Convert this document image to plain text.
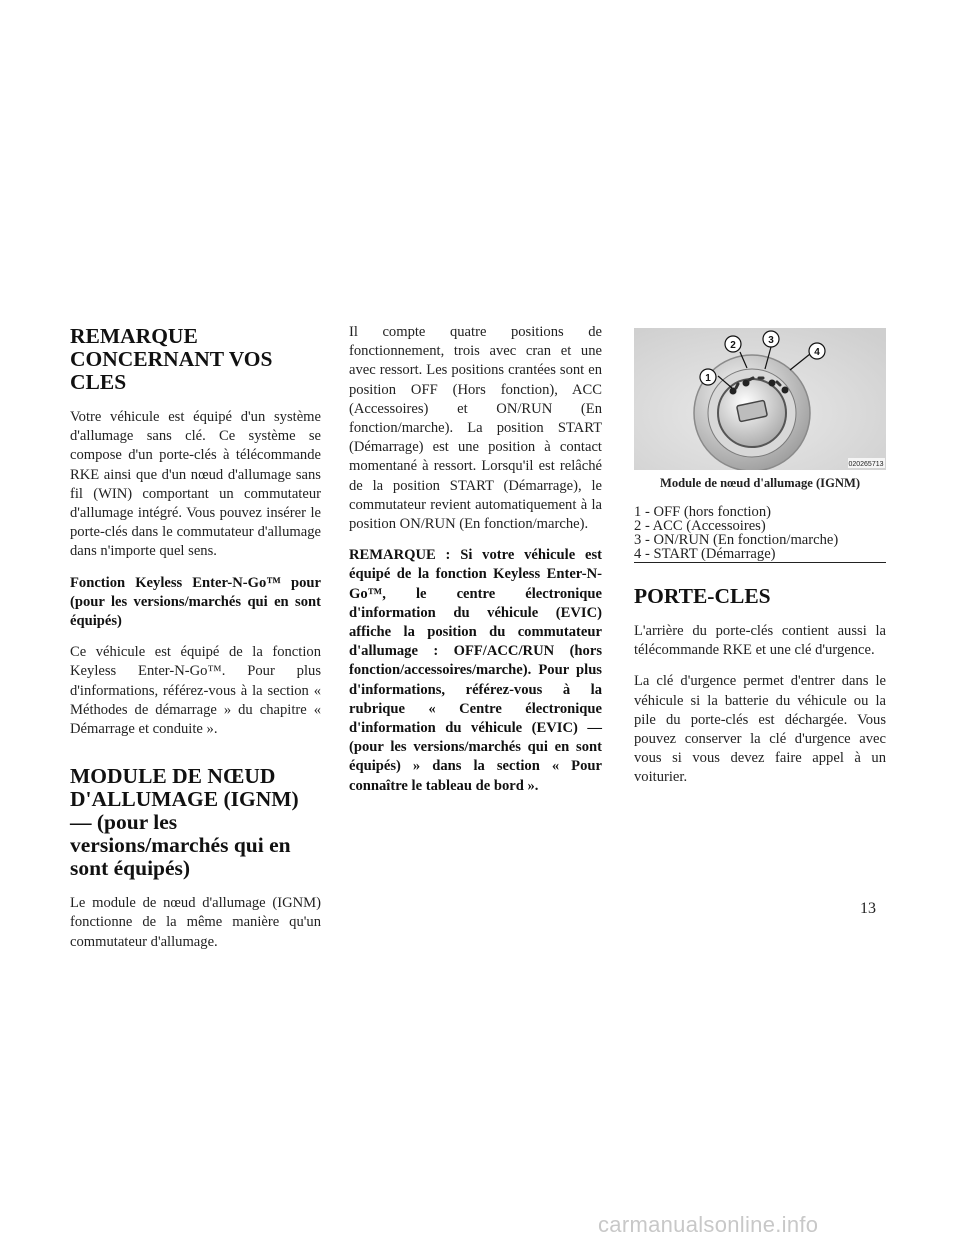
REMARQUE CONCERNANT VOS CLES

Votre véhicule est équipé d'un système d'allumage sans clé. Ce système se compose d'un porte-clés à télécommande RKE ainsi que d'un nœud d'allumage sans fil (WIN) comportant un commutateur d'allumage intégré. Vous pouvez insérer le porte-clés dans le commutateur d'allumage dans n'importe quel sens.

Fonction Keyless Enter-N-Go™ pour (pour les versions/marchés qui en sont équipés)

Ce véhicule est équipé de la fonction Keyless Enter-N-Go™. Pour plus d'informations, référez-vous à la section « Méthodes de démarrage » du chapitre « Démarrage et conduite ».

MODULE DE NŒUD D'ALLUMAGE (IGNM) — (pour les versions/marchés qui en sont équipés)

Le module de nœud d'allumage (IGNM) fonctionne de la même manière qu'un commutateur d'allumage.

Il compte quatre positions de fonctionnement, trois avec cran et une avec ressort. Les positions crantées sont en position OFF (Hors fonction), ACC (Accessoires) et ON/RUN (En fonction/marche). La position START (Démarrage) est une position à contact momentané à ressort. Lorsqu'il est relâché de la position START (Démarrage), le commutateur revient automatiquement à la position ON/RUN (En fonction/marche).

REMARQUE : Si votre véhicule est équipé de la fonction Keyless Enter-N-Go™, le centre électronique d'information du véhicule (EVIC) affiche la position du commutateur d'allumage : OFF/ACC/RUN (hors fonction/accessoires/marche). Pour plus d'informations, référez-vous à la rubrique « Centre électronique d'information du véhicule (EVIC) — (pour les versions/marchés qui en sont équipés) » dans la section « Pour connaître le tableau de bord ».

1
2	3
4
020265713
Module de nœud d'allumage (IGNM)

1 - OFF (hors fonction)

2 - ACC (Accessoires)

3 - ON/RUN (En fonction/marche)

4 - START (Démarrage)

PORTE-CLES

L'arrière du porte-clés contient aussi la télécommande RKE et une clé d'urgence.

La clé d'urgence permet d'entrer dans le véhicule si la batterie du véhicule ou la pile du porte-clés est déchargée. Vous pouvez conserver la clé d'urgence avec vous si vous devez faire appel à un voiturier.

13
carmanualsonline.info
